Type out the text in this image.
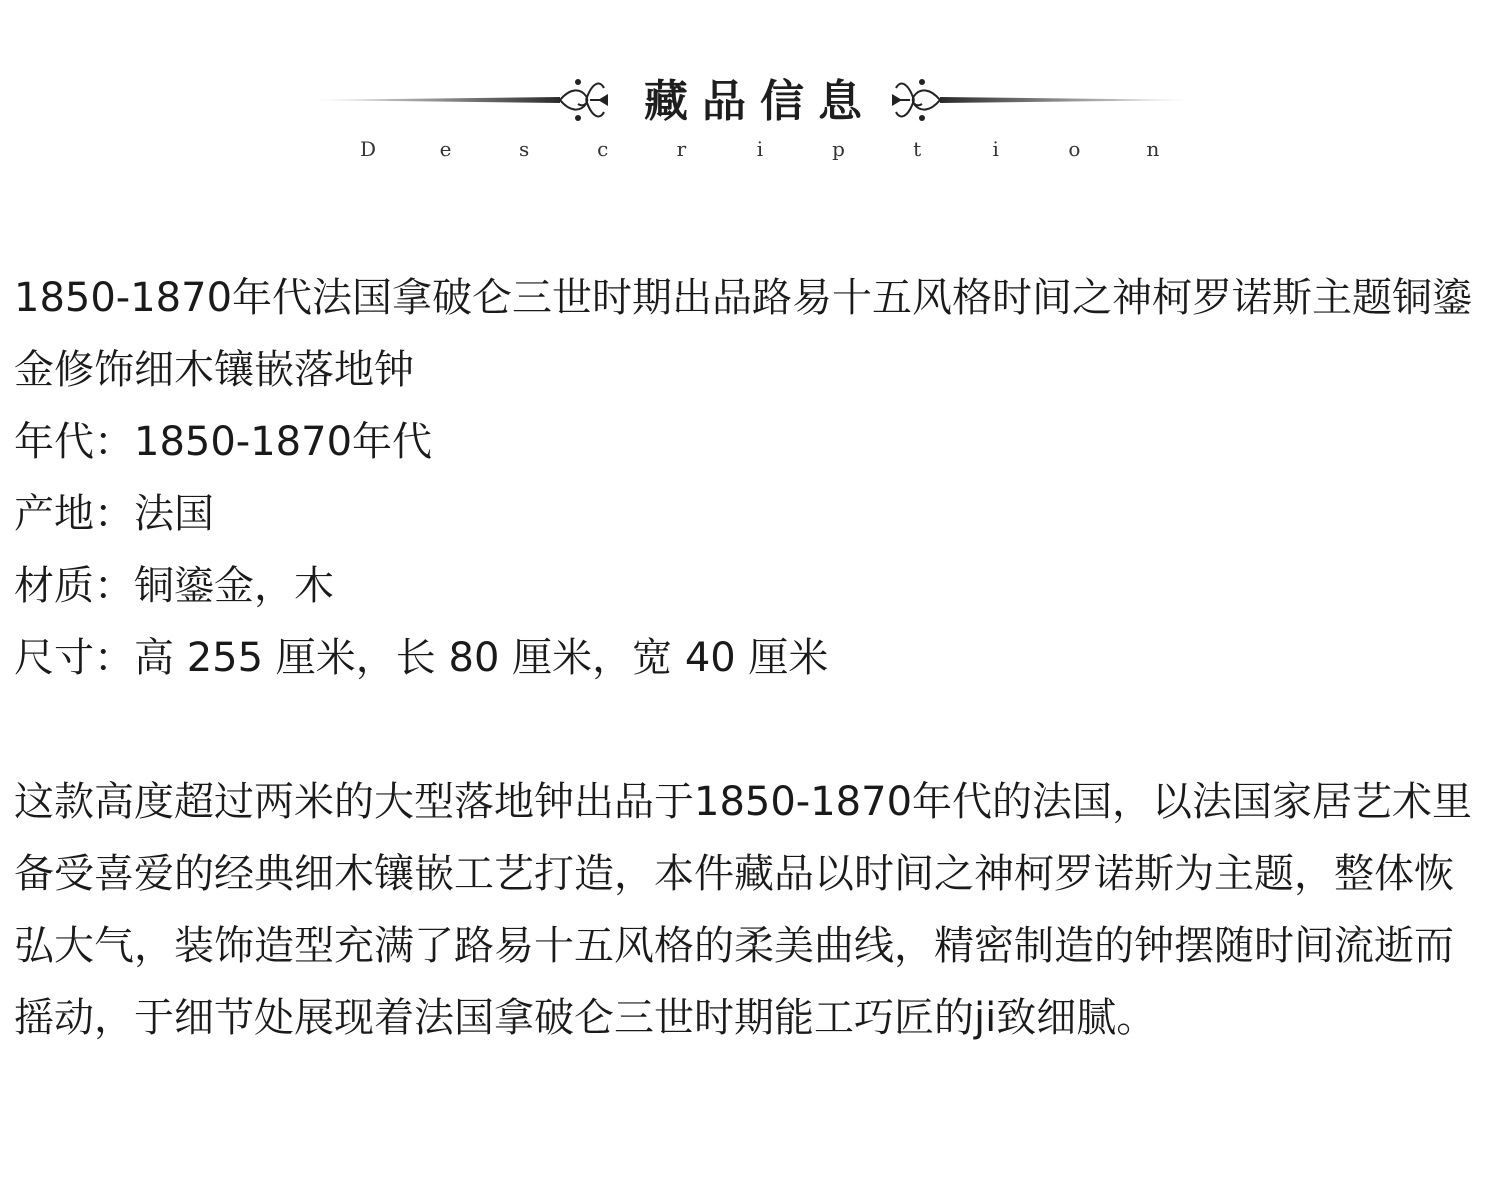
藏品信息
D	e	s	c	r	i	p	t	i	o	n

1850-1870年代法国拿破仑三世时期出品路易十五风格时间之神柯罗诺斯主题铜鎏金修饰细木镶嵌落地钟

年代：1850-1870年代

产地：法国

材质：铜鎏金，木

尺寸：高 255 厘米，长 80 厘米，宽 40 厘米

这款高度超过两米的大型落地钟出品于1850-1870年代的法国，以法国家居艺术里备受喜爱的经典细木镶嵌工艺打造，本件藏品以时间之神柯罗诺斯为主题，整体恢弘大气，装饰造型充满了路易十五风格的柔美曲线，精密制造的钟摆随时间流逝而摇动，于细节处展现着法国拿破仑三世时期能工巧匠的ji致细腻。
